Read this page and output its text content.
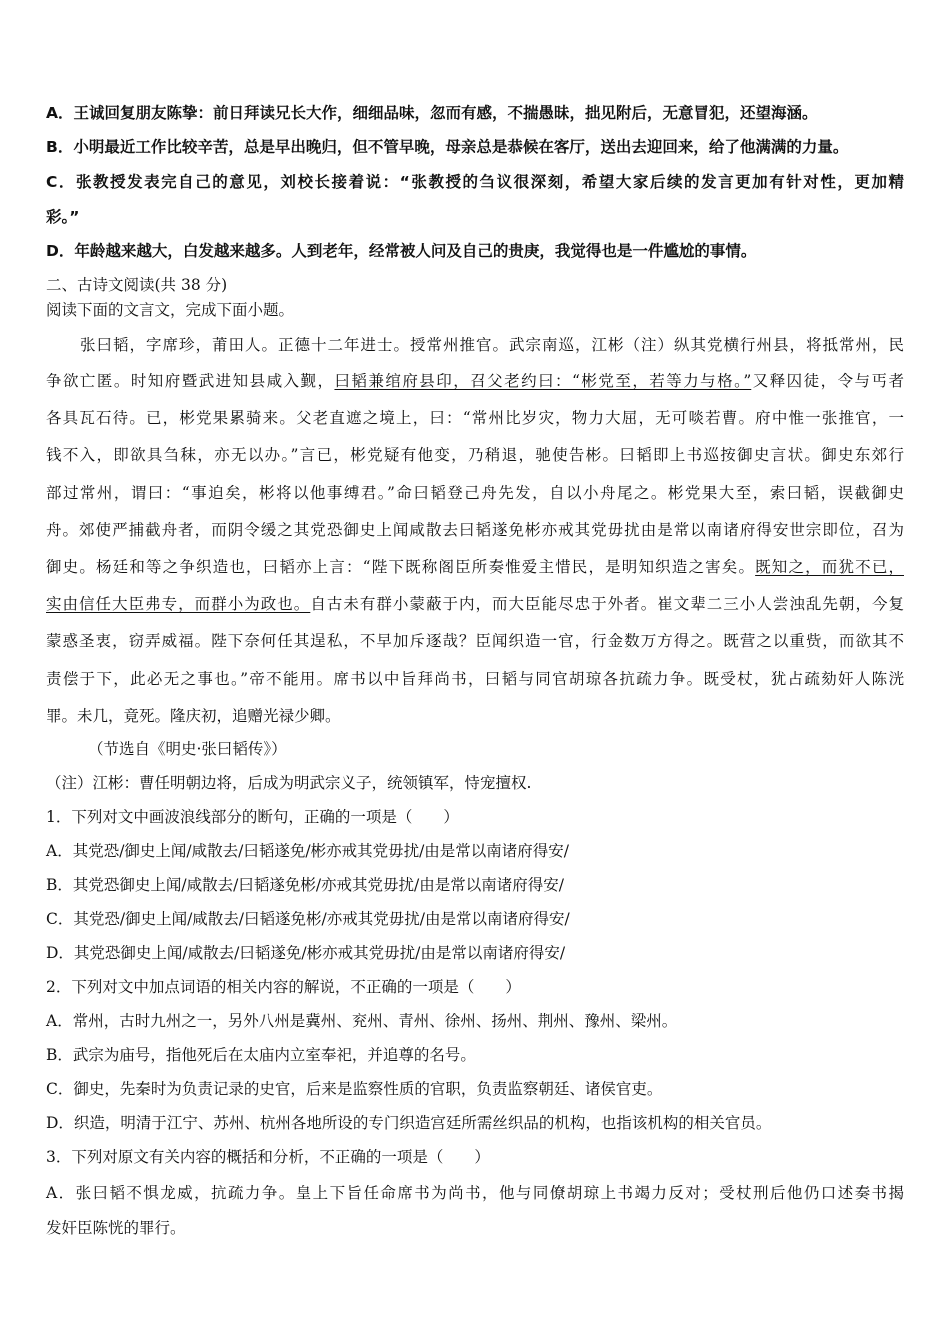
A．王诚回复朋友陈挚：前日拜读兄长大作，细细品味，忽而有感，不揣愚昧，拙见附后，无意冒犯，还望海涵。
B．小明最近工作比较辛苦，总是早出晚归，但不管早晚，母亲总是恭候在客厅，送出去迎回来，给了他满满的力量。
C．张教授发表完自己的意见，刘校长接着说：“张教授的刍议很深刻，希望大家后续的发言更加有针对性，更加精
彩。”
D．年龄越来越大，白发越来越多。人到老年，经常被人问及自己的贵庚，我觉得也是一件尴尬的事情。
二、古诗文阅读(共 38 分)
阅读下面的文言文，完成下面小题。
张曰韬，字席珍，莆田人。正德十二年进士。授常州推官。武宗南巡，江彬（注）纵其党横行州县，将抵常州，民
争欲亡匿。时知府暨武进知县咸入觐，曰韬兼绾府县印，召父老约曰：“彬党至，若等力与格。”又释囚徒，令与丐者
各具瓦石待。已，彬党果累骑来。父老直遮之境上，曰：“常州比岁灾，物力大屈，无可啖若曹。府中惟一张推官，一
钱不入，即欲具刍秣，亦无以办。”言已，彬党疑有他变，乃稍退，驰使告彬。曰韬即上书巡按御史言状。御史东郊行
部过常州，谓曰：“事迫矣，彬将以他事缚君。”命曰韬登己舟先发，自以小舟尾之。彬党果大至，索曰韬，误截御史
舟。郊使严捕截舟者，而阴令缓之其党恐御史上闻咸散去曰韬遂免彬亦戒其党毋扰由是常以南诸府得安世宗即位，召为
御史。杨廷和等之争织造也，曰韬亦上言：“陛下既称阁臣所奏惟爱主惜民，是明知织造之害矣。既知之，而犹不已，
实由信任大臣弗专，而群小为政也。自古未有群小蒙蔽于内，而大臣能尽忠于外者。崔文辈二三小人尝浊乱先朝，今复
蒙惑圣衷，窃弄威福。陛下奈何任其逞私，不早加斥逐哉？臣闻织造一官，行金数万方得之。既营之以重赀，而欲其不
责偿于下，此必无之事也。”帝不能用。席书以中旨拜尚书，曰韬与同官胡琼各抗疏力争。既受杖，犹占疏劾奸人陈洸
罪。未几，竟死。隆庆初，追赠光禄少卿。
（节选自《明史·张曰韬传》）
（注）江彬：曹任明朝边将，后成为明武宗义子，统领镇军，恃宠擅权.
1．下列对文中画波浪线部分的断句，正确的一项是（　　）
A．其党恐/御史上闻/咸散去/曰韬遂免/彬亦戒其党毋扰/由是常以南诸府得安/
B．其党恐御史上闻/咸散去/曰韬遂免彬/亦戒其党毋扰/由是常以南诸府得安/
C．其党恐/御史上闻/咸散去/曰韬遂免彬/亦戒其党毋扰/由是常以南诸府得安/
D．其党恐御史上闻/咸散去/曰韬遂免/彬亦戒其党毋扰/由是常以南诸府得安/
2．下列对文中加点词语的相关内容的解说，不正确的一项是（　　）
A．常州，古时九州之一，另外八州是冀州、兖州、青州、徐州、扬州、荆州、豫州、梁州。
B．武宗为庙号，指他死后在太庙内立室奉祀，并追尊的名号。
C．御史，先秦时为负责记录的史官，后来是监察性质的官职，负责监察朝廷、诸侯官吏。
D．织造，明清于江宁、苏州、杭州各地所设的专门织造宫廷所需丝织品的机构，也指该机构的相关官员。
3．下列对原文有关内容的概括和分析，不正确的一项是（　　）
A．张曰韬不惧龙威，抗疏力争。皇上下旨任命席书为尚书，他与同僚胡琼上书竭力反对；受杖刑后他仍口述奏书揭
发奸臣陈恍的罪行。
